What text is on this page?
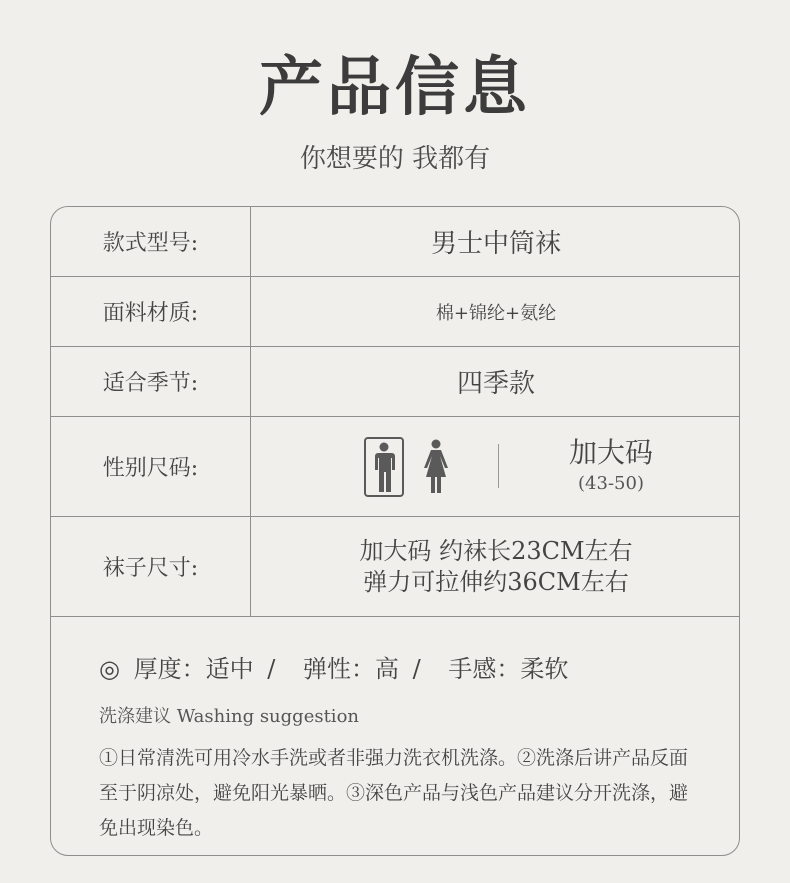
产品信息
你想要的 我都有
款式型号:	男士中筒袜
面料材质:	棉+锦纶+氨纶
适合季节:	四季款
性别尺码:	加大码
(43-50)
袜子尺寸:
加大码 约袜长23CM左右
弹力可拉伸约36CM左右
◎ 厚度：适中 / 弹性：高 / 手感：柔软
洗涤建议 Washing suggestion
①日常清洗可用冷水手洗或者非强力洗衣机洗涤。②洗涤后讲产品反面至于阴凉处，避免阳光暴晒。③深色产品与浅色产品建议分开洗涤，避免出现染色。
